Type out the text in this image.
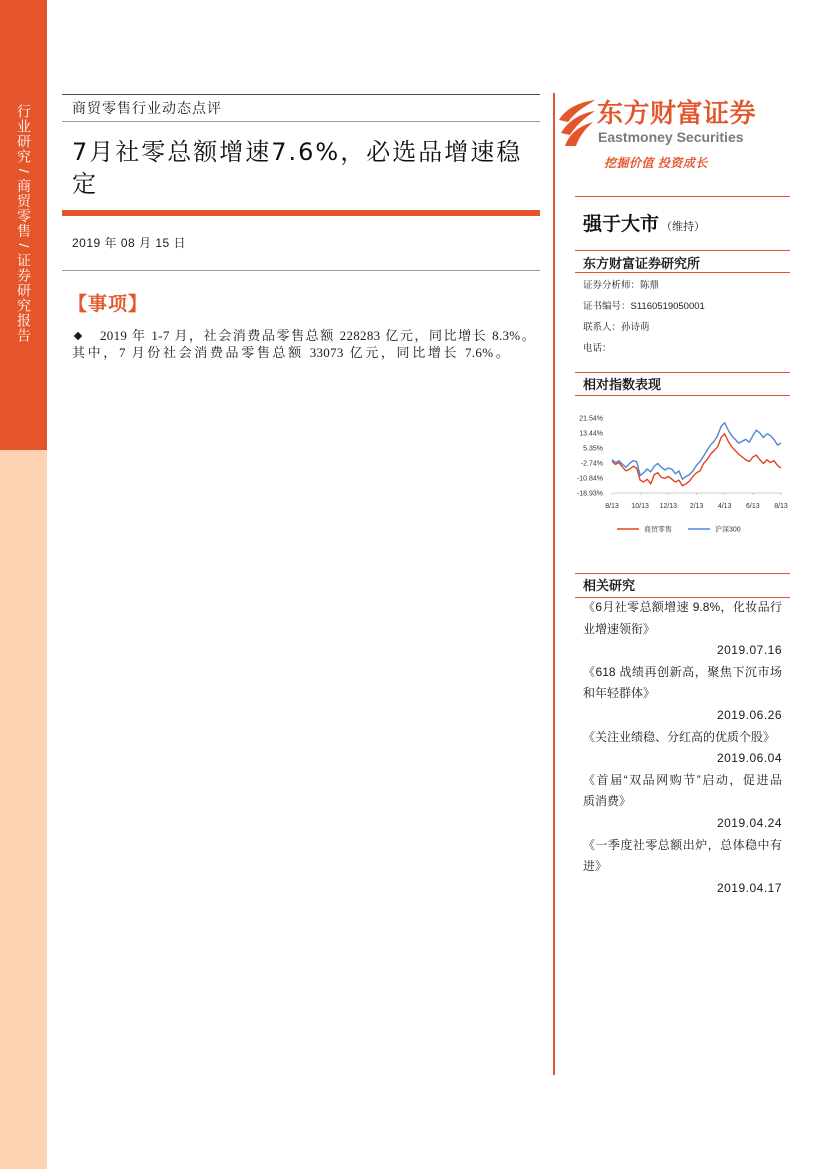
行业研究 / 商贸零售 / 证券研究报告	商贸零售行业动态点评
7月社零总额增速7.6%，必选品增速稳定
2019 年 08 月 15 日
【事项】
2019 年 1-7 月，社会消费品零售总额 228283 亿元，同比增长 8.3%。
其中，7 月份社会消费品零售总额 33073 亿元，同比增长 7.6%。
东方财富证券
Eastmoney Securities
挖掘价值 投资成长
强于大市 （维持）
东方财富证券研究所
证券分析师：陈鼎
证书编号：S1160519050001
联系人：孙诗萌
电话：
相对指数表现
21.54%
13.44%
5.35%
-2.74%
-10.84%
-18.93%
8/13 10/13 12/13 2/13 4/13 6/13 8/13
商贸零售	沪深300
相关研究
《6月社零总额增速 9.8%，化妆品行
业增速领衔》
2019.07.16
《618 战绩再创新高，聚焦下沉市场
和年轻群体》
2019.06.26
《关注业绩稳、分红高的优质个股》
2019.06.04
《首届“双品网购节”启动，促进品
质消费》
2019.04.24
《一季度社零总额出炉，总体稳中有
进》
2019.04.17
